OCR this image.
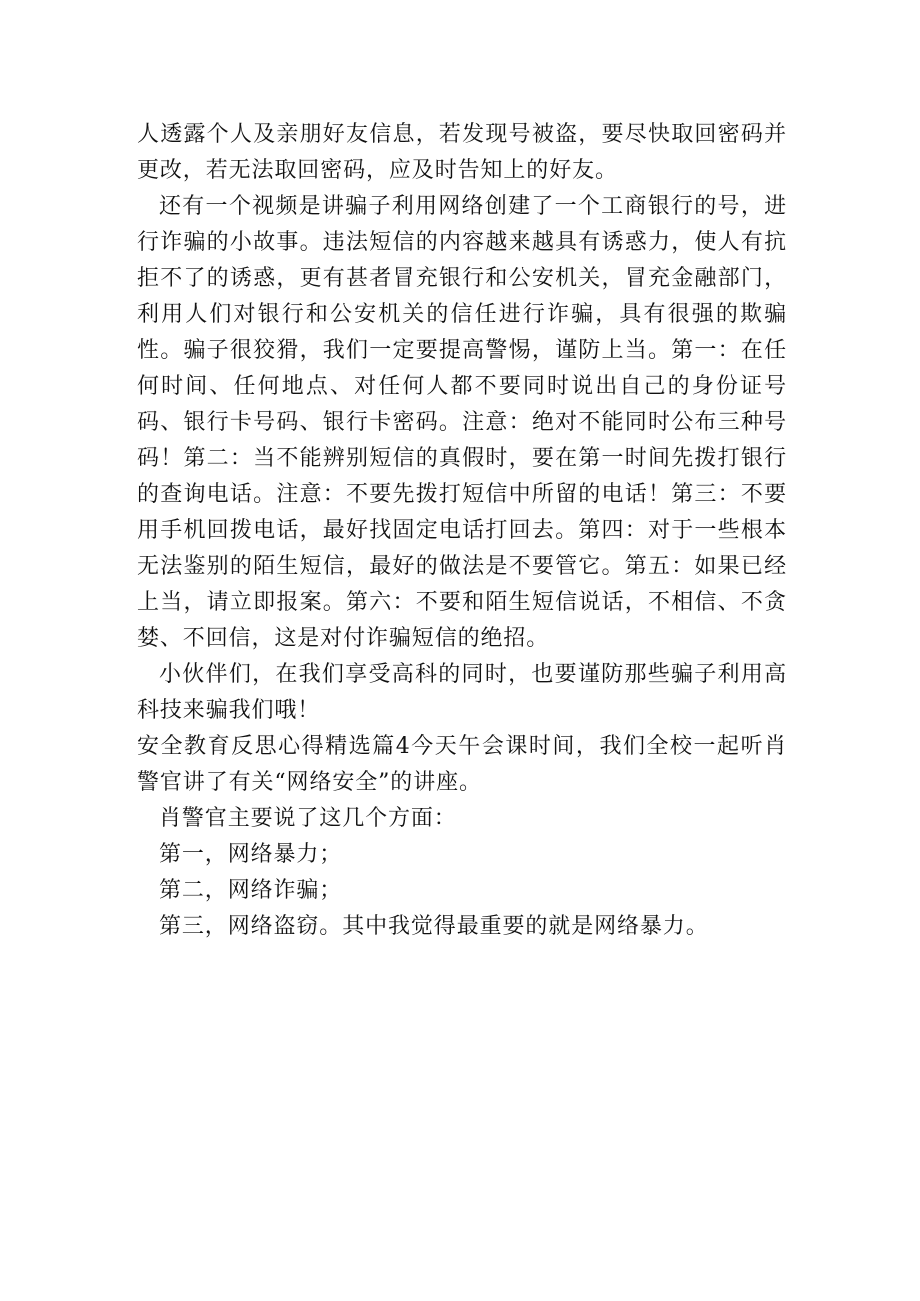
人透露个人及亲朋好友信息，若发现号被盗，要尽快取回密码并更改，若无法取回密码，应及时告知上的好友。

还有一个视频是讲骗子利用网络创建了一个工商银行的号，进行诈骗的小故事。违法短信的内容越来越具有诱惑力，使人有抗拒不了的诱惑，更有甚者冒充银行和公安机关，冒充金融部门，利用人们对银行和公安机关的信任进行诈骗，具有很强的欺骗性。骗子很狡猾，我们一定要提高警惕，谨防上当。第一：在任何时间、任何地点、对任何人都不要同时说出自己的身份证号码、银行卡号码、银行卡密码。注意：绝对不能同时公布三种号码！第二：当不能辨别短信的真假时，要在第一时间先拨打银行的查询电话。注意：不要先拨打短信中所留的电话！第三：不要用手机回拨电话，最好找固定电话打回去。第四：对于一些根本无法鉴别的陌生短信，最好的做法是不要管它。第五：如果已经上当，请立即报案。第六：不要和陌生短信说话，不相信、不贪婪、不回信，这是对付诈骗短信的绝招。

小伙伴们，在我们享受高科的同时，也要谨防那些骗子利用高科技来骗我们哦！

安全教育反思心得精选篇4今天午会课时间，我们全校一起听肖警官讲了有关“网络安全”的讲座。

肖警官主要说了这几个方面：

第一，网络暴力；

第二，网络诈骗；

第三，网络盗窃。其中我觉得最重要的就是网络暴力。
